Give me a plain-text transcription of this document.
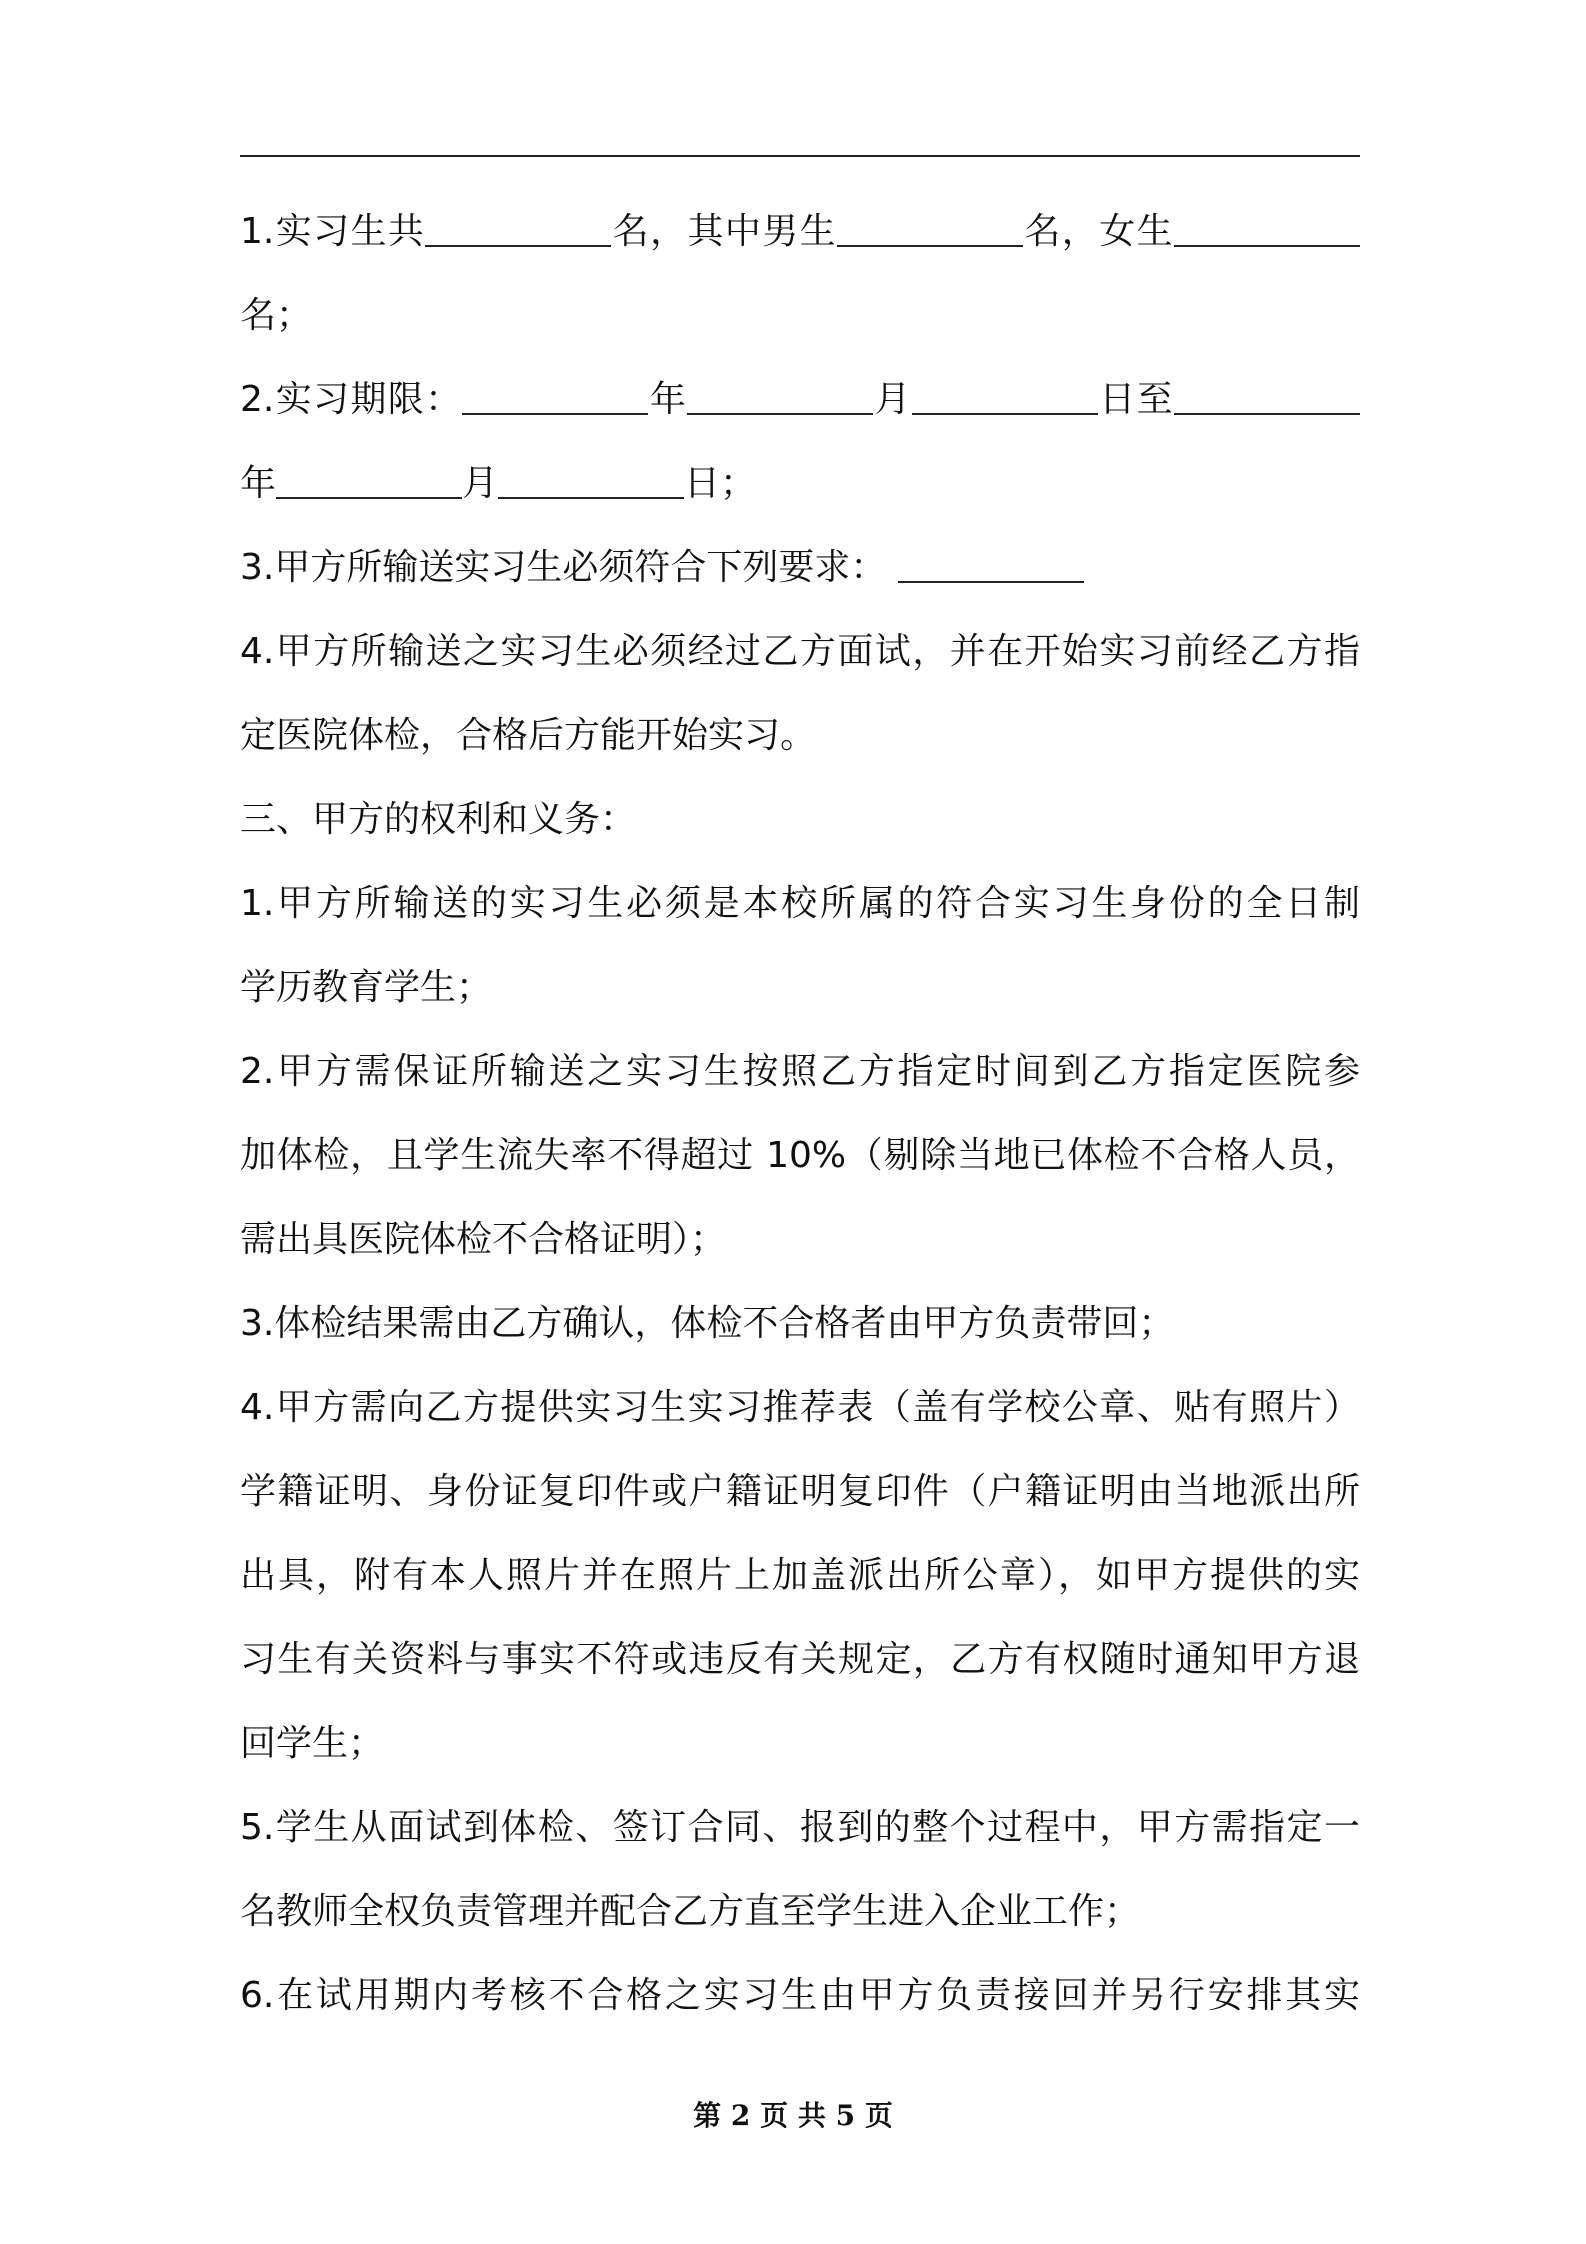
1.实习生共	名，其中男生	名，女生
名；
2.实习期限：	年	月	日至
年	月	日；
3.甲方所输送实习生必须符合下列要求：
4.甲方所输送之实习生必须经过乙方面试，并在开始实习前经乙方指
定医院体检，合格后方能开始实习。
三、甲方的权利和义务：
1.甲方所输送的实习生必须是本校所属的符合实习生身份的全日制
学历教育学生；
2.甲方需保证所输送之实习生按照乙方指定时间到乙方指定医院参
加体检，且学生流失率不得超过 10%（剔除当地已体检不合格人员，
需出具医院体检不合格证明）；
3.体检结果需由乙方确认，体检不合格者由甲方负责带回；
4.甲方需向乙方提供实习生实习推荐表（盖有学校公章、贴有照片）
学籍证明、身份证复印件或户籍证明复印件（户籍证明由当地派出所
出具，附有本人照片并在照片上加盖派出所公章），如甲方提供的实
习生有关资料与事实不符或违反有关规定，乙方有权随时通知甲方退
回学生；
5.学生从面试到体检、签订合同、报到的整个过程中，甲方需指定一
名教师全权负责管理并配合乙方直至学生进入企业工作；
6.在试用期内考核不合格之实习生由甲方负责接回并另行安排其实
第 2 页 共 5 页
